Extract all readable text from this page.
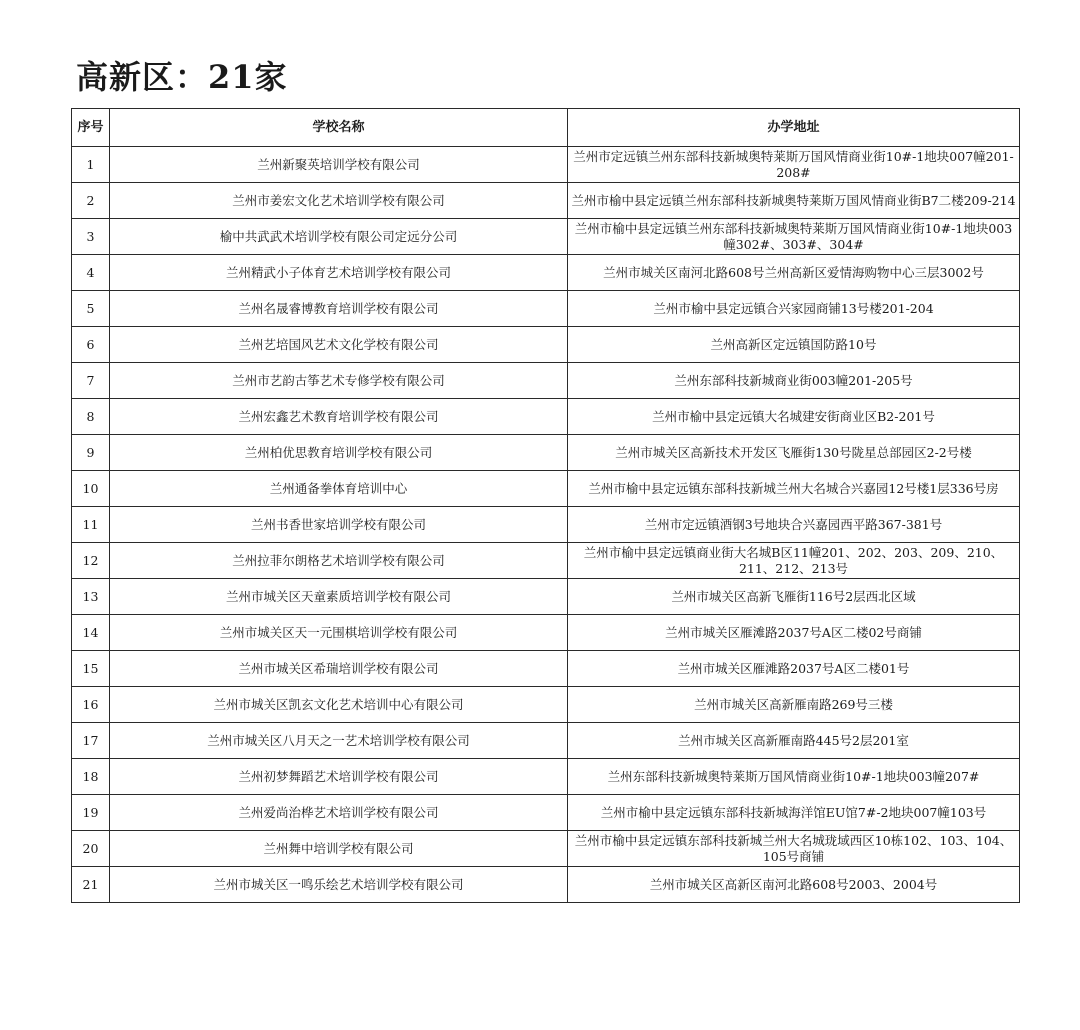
高新区：21家
序号	学校名称	办学地址
1	兰州新聚英培训学校有限公司	兰州市定远镇兰州东部科技新城奥特莱斯万国风情商业街10#-1地块007幢201-208#
2	兰州市姜宏文化艺术培训学校有限公司	兰州市榆中县定远镇兰州东部科技新城奥特莱斯万国风情商业街B7二楼209-214
3	榆中共武武术培训学校有限公司定远分公司	兰州市榆中县定远镇兰州东部科技新城奥特莱斯万国风情商业街10#-1地块003幢302#、303#、304#
4	兰州精武小子体育艺术培训学校有限公司	兰州市城关区南河北路608号兰州高新区爱情海购物中心三层3002号
5	兰州名晟睿博教育培训学校有限公司	兰州市榆中县定远镇合兴家园商铺13号楼201-204
6	兰州艺培国风艺术文化学校有限公司	兰州高新区定远镇国防路10号
7	兰州市艺韵古筝艺术专修学校有限公司	兰州东部科技新城商业街003幢201-205号
8	兰州宏鑫艺术教育培训学校有限公司	兰州市榆中县定远镇大名城建安街商业区B2-201号
9	兰州柏优思教育培训学校有限公司	兰州市城关区高新技术开发区飞雁街130号陇星总部园区2-2号楼
10	兰州通备拳体育培训中心	兰州市榆中县定远镇东部科技新城兰州大名城合兴嘉园12号楼1层336号房
11	兰州书香世家培训学校有限公司	兰州市定远镇酒钢3号地块合兴嘉园西平路367-381号
12	兰州拉菲尔朗格艺术培训学校有限公司	兰州市榆中县定远镇商业街大名城B区11幢201、202、203、209、210、211、212、213号
13	兰州市城关区天童素质培训学校有限公司	兰州市城关区高新飞雁街116号2层西北区域
14	兰州市城关区天一元围棋培训学校有限公司	兰州市城关区雁滩路2037号A区二楼02号商铺
15	兰州市城关区希瑞培训学校有限公司	兰州市城关区雁滩路2037号A区二楼01号
16	兰州市城关区凯玄文化艺术培训中心有限公司	兰州市城关区高新雁南路269号三楼
17	兰州市城关区八月天之一艺术培训学校有限公司	兰州市城关区高新雁南路445号2层201室
18	兰州初梦舞蹈艺术培训学校有限公司	兰州东部科技新城奥特莱斯万国风情商业街10#-1地块003幢207#
19	兰州爱尚治桦艺术培训学校有限公司	兰州市榆中县定远镇东部科技新城海洋馆EU馆7#-2地块007幢103号
20	兰州舞中培训学校有限公司	兰州市榆中县定远镇东部科技新城兰州大名城珑域西区10栋102、103、104、105号商铺
21	兰州市城关区一鸣乐绘艺术培训学校有限公司	兰州市城关区高新区南河北路608号2003、2004号
